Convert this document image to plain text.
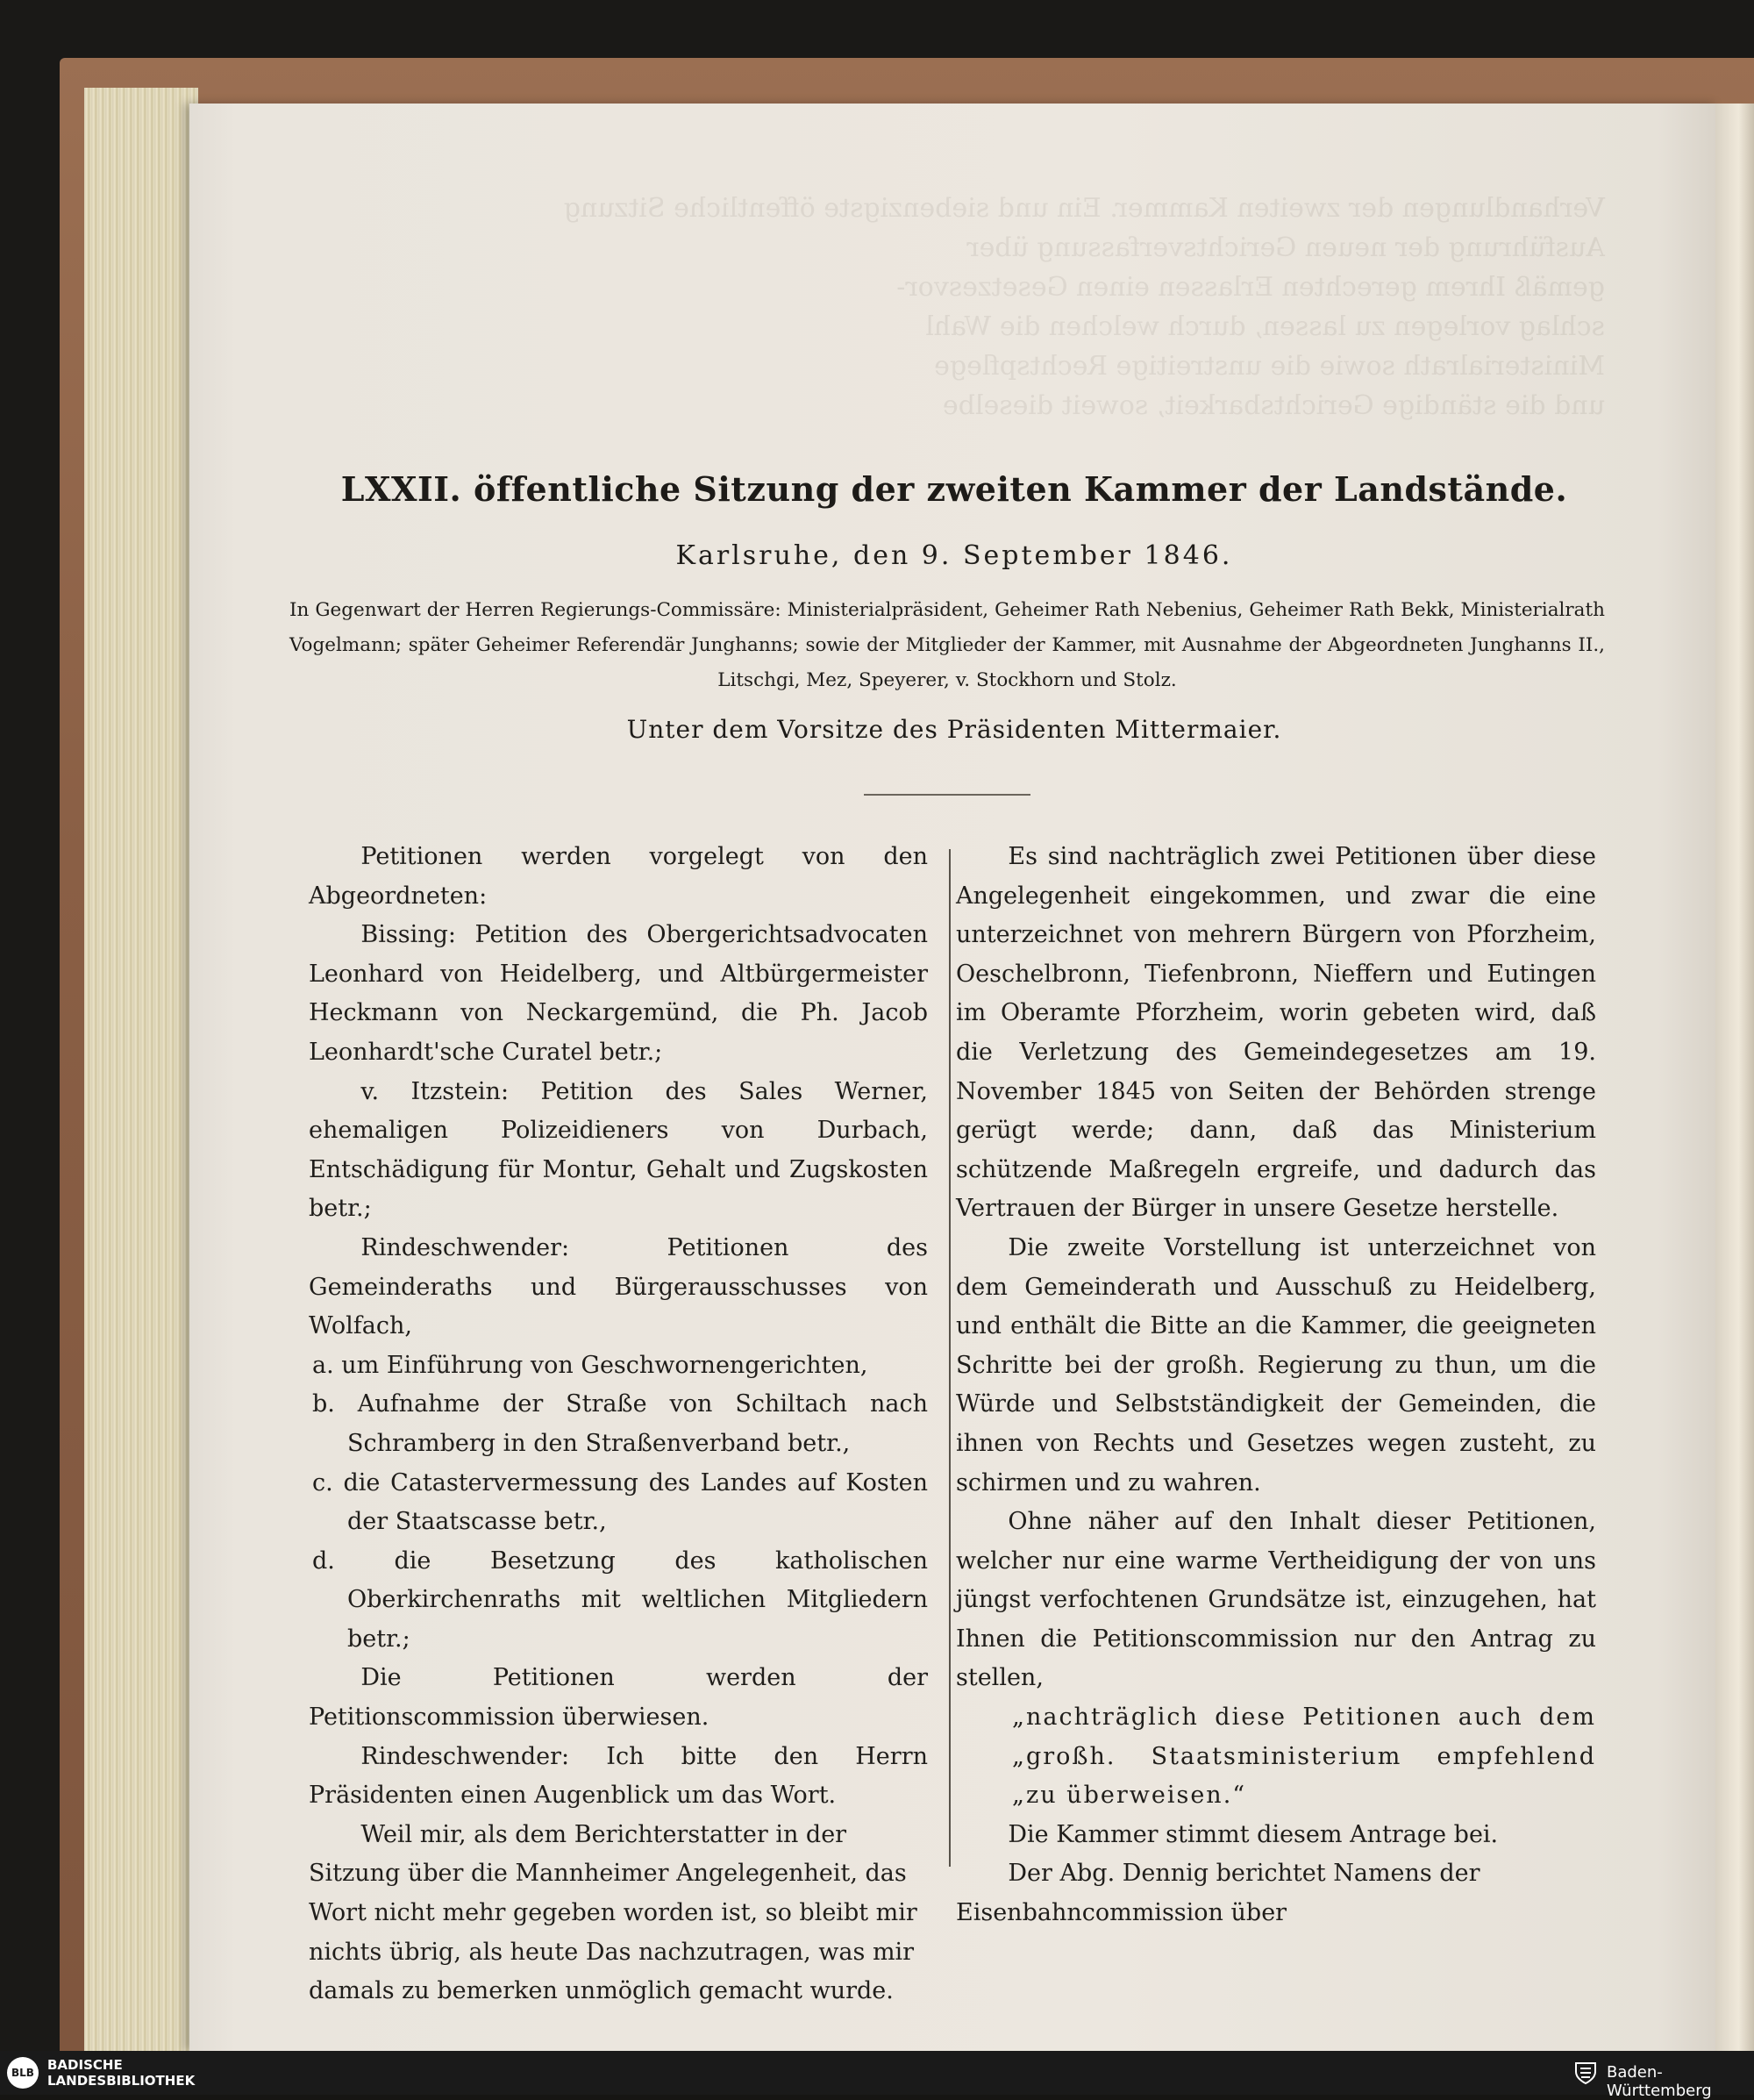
LXXII. öffentliche Sitzung der zweiten Kammer der Landstände.

Karlsruhe, den 9. September 1846.

In Gegenwart der Herren Regierungs-Commissäre: Ministerialpräsident, Geheimer Rath Nebenius, Geheimer Rath Bekk, Ministerialrath Vogelmann; später Geheimer Referendär Junghanns; sowie der Mitglieder der Kammer, mit Ausnahme der Abgeordneten Junghanns II., Litschgi, Mez, Speyerer, v. Stockhorn und Stolz.

Unter dem Vorsitze des Präsidenten Mittermaier.

Petitionen werden vorgelegt von den Abgeordneten:

Bissing: Petition des Obergerichtsadvocaten Leonhard von Heidelberg, und Altbürgermeister Heckmann von Neckargemünd, die Ph. Jacob Leonhardt'sche Curatel betr.;

v. Itzstein: Petition des Sales Werner, ehemaligen Polizeidieners von Durbach, Entschädigung für Montur, Gehalt und Zugskosten betr.;

Rindeschwender: Petitionen des Gemeinderaths und Bürgerausschusses von Wolfach,

a. um Einführung von Geschwornengerichten,

b. Aufnahme der Straße von Schiltach nach Schramberg in den Straßenverband betr.,

c. die Catastervermessung des Landes auf Kosten der Staatscasse betr.,

d. die Besetzung des katholischen Oberkirchenraths mit weltlichen Mitgliedern betr.;

Die Petitionen werden der Petitionscommission überwiesen.

Rindeschwender: Ich bitte den Herrn Präsidenten einen Augenblick um das Wort.

Weil mir, als dem Berichterstatter in der Sitzung über die Mannheimer Angelegenheit, das Wort nicht mehr gegeben worden ist, so bleibt mir nichts übrig, als heute Das nachzutragen, was mir damals zu bemerken unmöglich gemacht wurde.

Es sind nachträglich zwei Petitionen über diese Angelegenheit eingekommen, und zwar die eine unterzeichnet von mehrern Bürgern von Pforzheim, Oeschelbronn, Tiefenbronn, Nieffern und Eutingen im Oberamte Pforzheim, worin gebeten wird, daß die Verletzung des Gemeindegesetzes am 19. November 1845 von Seiten der Behörden strenge gerügt werde; dann, daß das Ministerium schützende Maßregeln ergreife, und dadurch das Vertrauen der Bürger in unsere Gesetze herstelle.

Die zweite Vorstellung ist unterzeichnet von dem Gemeinderath und Ausschuß zu Heidelberg, und enthält die Bitte an die Kammer, die geeigneten Schritte bei der großh. Regierung zu thun, um die Würde und Selbstständigkeit der Gemeinden, die ihnen von Rechts und Gesetzes wegen zusteht, zu schirmen und zu wahren.

Ohne näher auf den Inhalt dieser Petitionen, welcher nur eine warme Vertheidigung der von uns jüngst verfochtenen Grundsätze ist, einzugehen, hat Ihnen die Petitionscommission nur den Antrag zu stellen,

„nachträglich diese Petitionen auch dem „großh. Staatsministerium empfehlend „zu überweisen.“

Die Kammer stimmt diesem Antrage bei.

Der Abg. Dennig berichtet Namens der Eisenbahncommission über

BLB	BADISCHE
LANDESBIBLIOTHEK	Baden-Württemberg
